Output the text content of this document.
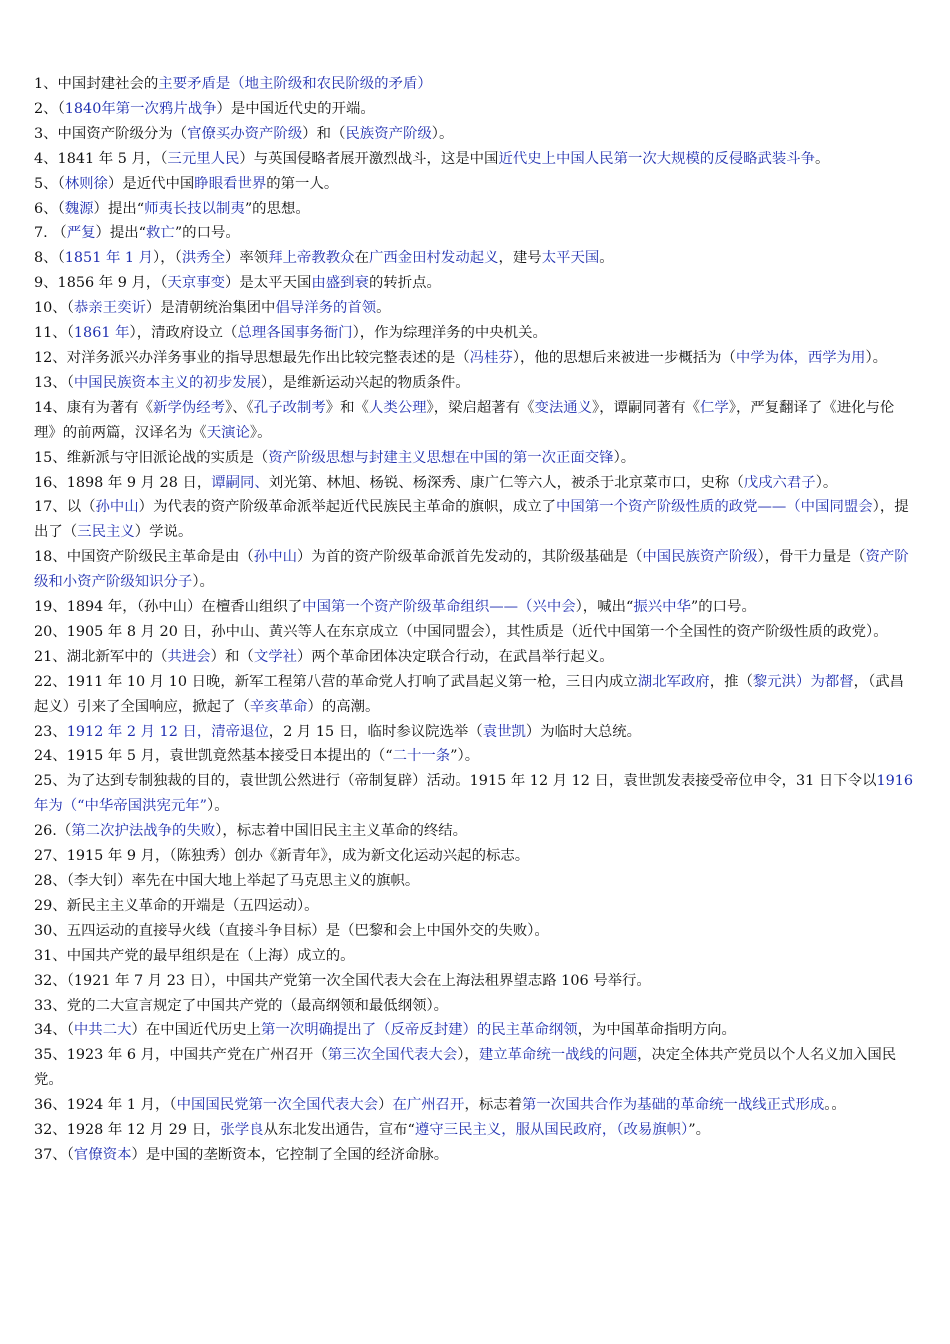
1、中国封建社会的主要矛盾是（地主阶级和农民阶级的矛盾）

2、（1840年第一次鸦片战争）是中国近代史的开端。

3、中国资产阶级分为（官僚买办资产阶级）和（民族资产阶级）。

4、1841 年 5 月，（三元里人民）与英国侵略者展开激烈战斗，这是中国近代史上中国人民第一次大规模的反侵略武装斗争。

5、（林则徐）是近代中国睁眼看世界的第一人。

6、（魏源）提出“师夷长技以制夷”的思想。

7. （严复）提出“救亡”的口号。

8、（1851 年 1 月），（洪秀全）率领拜上帝教教众在广西金田村发动起义，建号太平天国。

9、1856 年 9 月，（天京事变）是太平天国由盛到衰的转折点。

10、（恭亲王奕䜣）是清朝统治集团中倡导洋务的首领。

11、（1861 年），清政府设立（总理各国事务衙门），作为综理洋务的中央机关。

12、对洋务派兴办洋务事业的指导思想最先作出比较完整表述的是（冯桂芬），他的思想后来被进一步概括为（中学为体，西学为用）。

13、（中国民族资本主义的初步发展），是维新运动兴起的物质条件。

14、康有为著有《新学伪经考》、《孔子改制考》和《人类公理》，梁启超著有《变法通义》，谭嗣同著有《仁学》，严复翻译了《进化与伦理》的前两篇，汉译名为《天演论》。

15、维新派与守旧派论战的实质是（资产阶级思想与封建主义思想在中国的第一次正面交锋）。

16、1898 年 9 月 28 日，谭嗣同、刘光第、林旭、杨锐、杨深秀、康广仁等六人，被杀于北京菜市口，史称（戊戌六君子）。

17、以（孙中山）为代表的资产阶级革命派举起近代民族民主革命的旗帜，成立了中国第一个资产阶级性质的政党——（中国同盟会），提出了（三民主义）学说。

18、中国资产阶级民主革命是由（孙中山）为首的资产阶级革命派首先发动的，其阶级基础是（中国民族资产阶级），骨干力量是（资产阶级和小资产阶级知识分子）。

19、1894 年，（孙中山）在檀香山组织了中国第一个资产阶级革命组织——（兴中会），喊出“振兴中华”的口号。

20、1905 年 8 月 20 日，孙中山、黄兴等人在东京成立（中国同盟会），其性质是（近代中国第一个全国性的资产阶级性质的政党）。

21、湖北新军中的（共进会）和（文学社）两个革命团体决定联合行动，在武昌举行起义。

22、1911 年 10 月 10 日晚，新军工程第八营的革命党人打响了武昌起义第一枪，三日内成立湖北军政府，推（黎元洪）为都督，（武昌起义）引来了全国响应，掀起了（辛亥革命）的高潮。

23、1912 年 2 月 12 日，清帝退位，2 月 15 日，临时参议院选举（袁世凯）为临时大总统。

24、1915 年 5 月，袁世凯竟然基本接受日本提出的（“二十一条”）。

25、为了达到专制独裁的目的，袁世凯公然进行（帝制复辟）活动。1915 年 12 月 12 日，袁世凯发表接受帝位申令，31 日下令以1916 年为（“中华帝国洪宪元年”）。

26.（第二次护法战争的失败），标志着中国旧民主主义革命的终结。

27、1915 年 9 月，（陈独秀）创办《新青年》，成为新文化运动兴起的标志。

28、（李大钊）率先在中国大地上举起了马克思主义的旗帜。

29、新民主主义革命的开端是（五四运动）。

30、五四运动的直接导火线（直接斗争目标）是（巴黎和会上中国外交的失败）。

31、中国共产党的最早组织是在（上海）成立的。

32、（1921 年 7 月 23 日），中国共产党第一次全国代表大会在上海法租界望志路 106 号举行。

33、党的二大宣言规定了中国共产党的（最高纲领和最低纲领）。

34、（中共二大）在中国近代历史上第一次明确提出了（反帝反封建）的民主革命纲领，为中国革命指明方向。

35、1923 年 6 月，中国共产党在广州召开（第三次全国代表大会），建立革命统一战线的问题，决定全体共产党员以个人名义加入国民党。

36、1924 年 1 月，（中国国民党第一次全国代表大会）在广州召开，标志着第一次国共合作为基础的革命统一战线正式形成。。

32、1928 年 12 月 29 日，张学良从东北发出通告，宣布“遵守三民主义，服从国民政府，（改易旗帜）”。

37、（官僚资本）是中国的垄断资本，它控制了全国的经济命脉。
